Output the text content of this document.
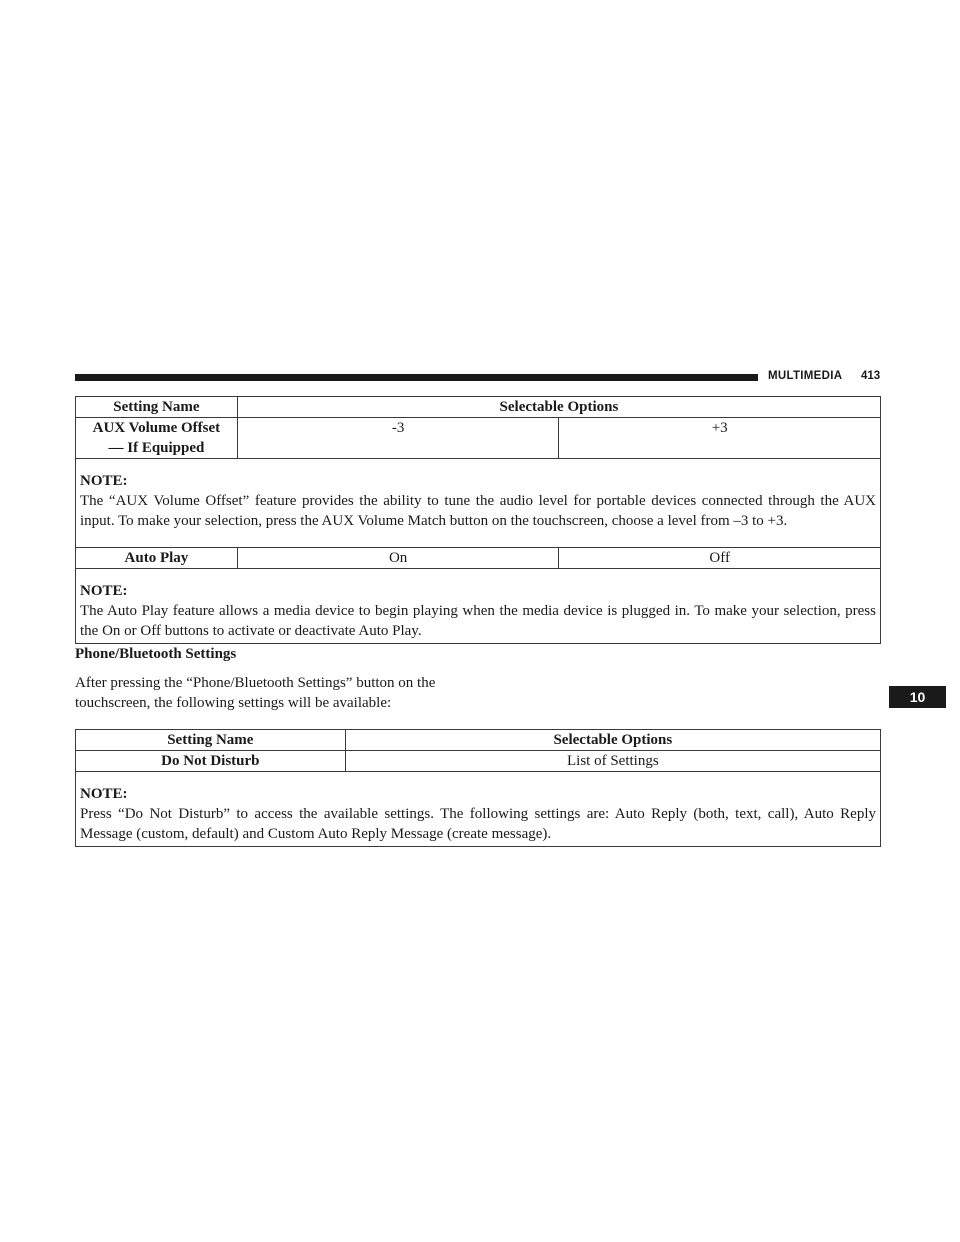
MULTIMEDIA 413
10
Setting Name	Selectable Options	
AUX Volume Offset
— If Equipped	-3	+3

NOTE:
The “AUX Volume Offset” feature provides the ability to tune the audio level for portable devices connected through the AUX input. To make your selection, press the AUX Volume Match button on the touchscreen, choose a level from –3 to +3.		

Auto Play	On	Off

NOTE:
The Auto Play feature allows a media device to begin playing when the media device is plugged in. To make your selection, press the On or Off buttons to activate or deactivate Auto Play.		
Phone/Bluetooth Settings
After pressing the “Phone/Bluetooth Settings” button on the touchscreen, the following settings will be available:
Setting Name	Selectable Options
Do Not Disturb	List of Settings

NOTE:
Press “Do Not Disturb” to access the available settings. The following settings are: Auto Reply (both, text, call), Auto Reply Message (custom, default) and Custom Auto Reply Message (create message).	
